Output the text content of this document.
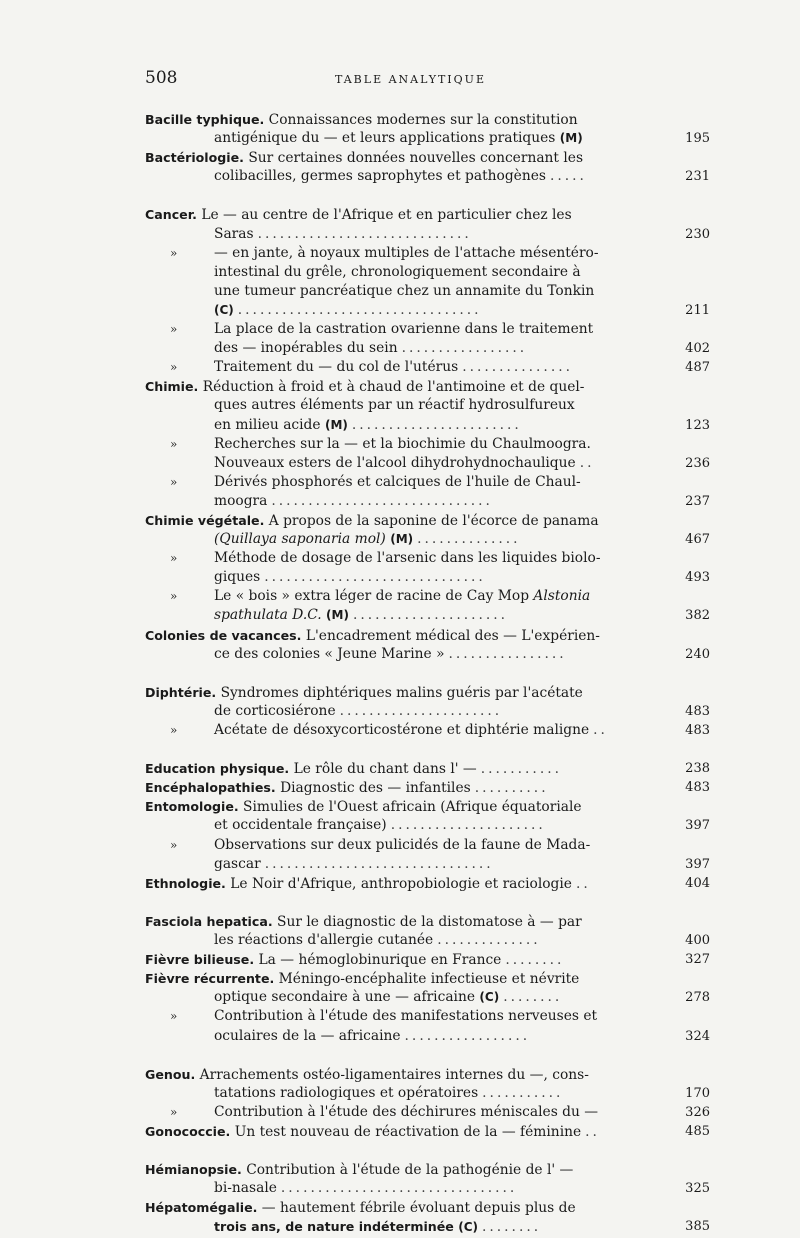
508	TABLE ANALYTIQUE
Bacille typhique. Connaissances modernes sur la constitution
antigénique du — et leurs applications pratiques (M)	195
Bactériologie. Sur certaines données nouvelles concernant les
colibacilles, germes saprophytes et pathogènes .....	231
Cancer. Le — au centre de l'Afrique et en particulier chez les
Saras .............................	230
»	— en jante, à noyaux multiples de l'attache mésentéro-
intestinal du grêle, chronologiquement secondaire à
une tumeur pancréatique chez un annamite du Tonkin
(C) .................................	211
»	La place de la castration ovarienne dans le traitement
des — inopérables du sein .................	402
»	Traitement du — du col de l'utérus ...............	487
Chimie. Réduction à froid et à chaud de l'antimoine et de quel-
ques autres éléments par un réactif hydrosulfureux
en milieu acide (M) .......................	123
»	Recherches sur la — et la biochimie du Chaulmoogra.
Nouveaux esters de l'alcool dihydrohydnochaulique ..	236
»	Dérivés phosphorés et calciques de l'huile de Chaul-
moogra ..............................	237
Chimie végétale. A propos de la saponine de l'écorce de panama
(Quillaya saponaria mol) (M) ..............	467
»	Méthode de dosage de l'arsenic dans les liquides biolo-
giques ..............................	493
»	Le « bois » extra léger de racine de Cay Mop Alstonia
spathulata D.C. (M) .....................	382
Colonies de vacances. L'encadrement médical des — L'expérien-
ce des colonies « Jeune Marine » ................	240
Diphtérie. Syndromes diphtériques malins guéris par l'acétate
de corticosiérone ......................	483
»	Acétate de désoxycorticostérone et diphtérie maligne ..	483
Education physique. Le rôle du chant dans l' — ...........	238
Encéphalopathies. Diagnostic des — infantiles ..........	483
Entomologie. Simulies de l'Ouest africain (Afrique équatoriale
et occidentale française) .....................	397
»	Observations sur deux pulicidés de la faune de Mada-
gascar ...............................	397
Ethnologie. Le Noir d'Afrique, anthropobiologie et raciologie ..	404
Fasciola hepatica. Sur le diagnostic de la distomatose à — par
les réactions d'allergie cutanée ..............	400
Fièvre bilieuse. La — hémoglobinurique en France ........	327
Fièvre récurrente. Méningo-encéphalite infectieuse et névrite
optique secondaire à une — africaine (C) ........	278
»	Contribution à l'étude des manifestations nerveuses et
oculaires de la — africaine .................	324
Genou. Arrachements ostéo-ligamentaires internes du —, cons-
tatations radiologiques et opératoires ...........	170
»	Contribution à l'étude des déchirures méniscales du —	326
Gonococcie. Un test nouveau de réactivation de la — féminine ..	485
Hémianopsie. Contribution à l'étude de la pathogénie de l' —
bi-nasale ................................	325
Hépatomégalie. — hautement fébrile évoluant depuis plus de
trois ans, de nature indéterminée (C) ........	385
